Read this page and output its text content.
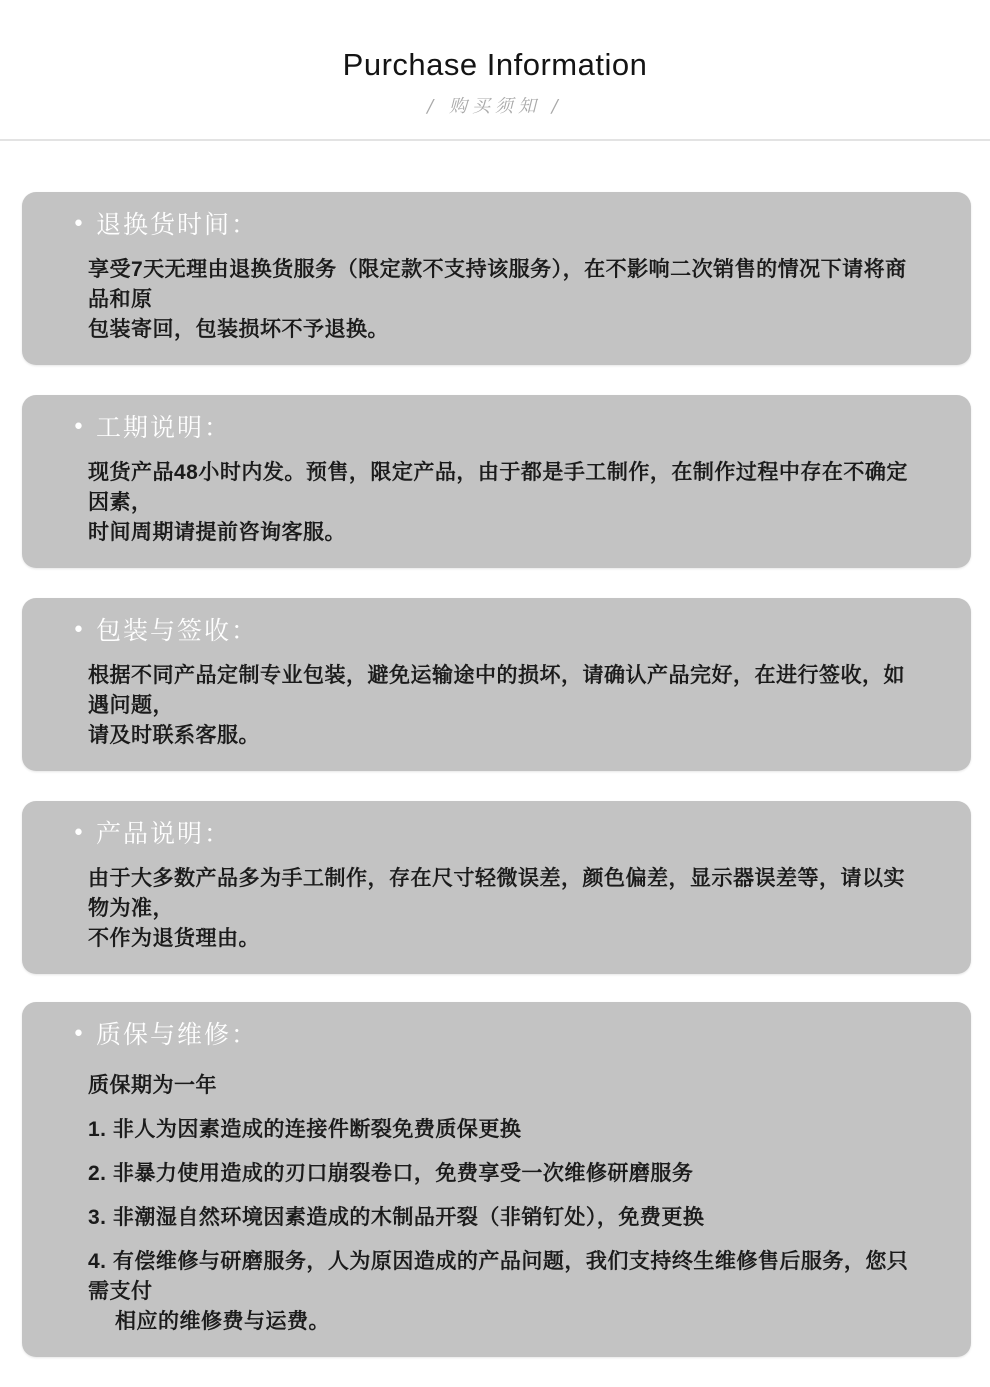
Purchase Information
/ 购买须知 /
• 退换货时间：
享受7天无理由退换货服务（限定款不支持该服务），在不影响二次销售的情况下请将商品和原
包装寄回，包装损坏不予退换。
• 工期说明：
现货产品48小时内发。预售，限定产品，由于都是手工制作，在制作过程中存在不确定因素，
时间周期请提前咨询客服。
• 包装与签收：
根据不同产品定制专业包装，避免运输途中的损坏，请确认产品完好，在进行签收，如遇问题，
请及时联系客服。
• 产品说明：
由于大多数产品多为手工制作，存在尺寸轻微误差，颜色偏差，显示器误差等，请以实物为准，
不作为退货理由。
• 质保与维修：
质保期为一年
1. 非人为因素造成的连接件断裂免费质保更换
2. 非暴力使用造成的刃口崩裂卷口，免费享受一次维修研磨服务
3. 非潮湿自然环境因素造成的木制品开裂（非销钉处），免费更换
4. 有偿维修与研磨服务，人为原因造成的产品问题，我们支持终生维修售后服务，您只需支付
相应的维修费与运费。
